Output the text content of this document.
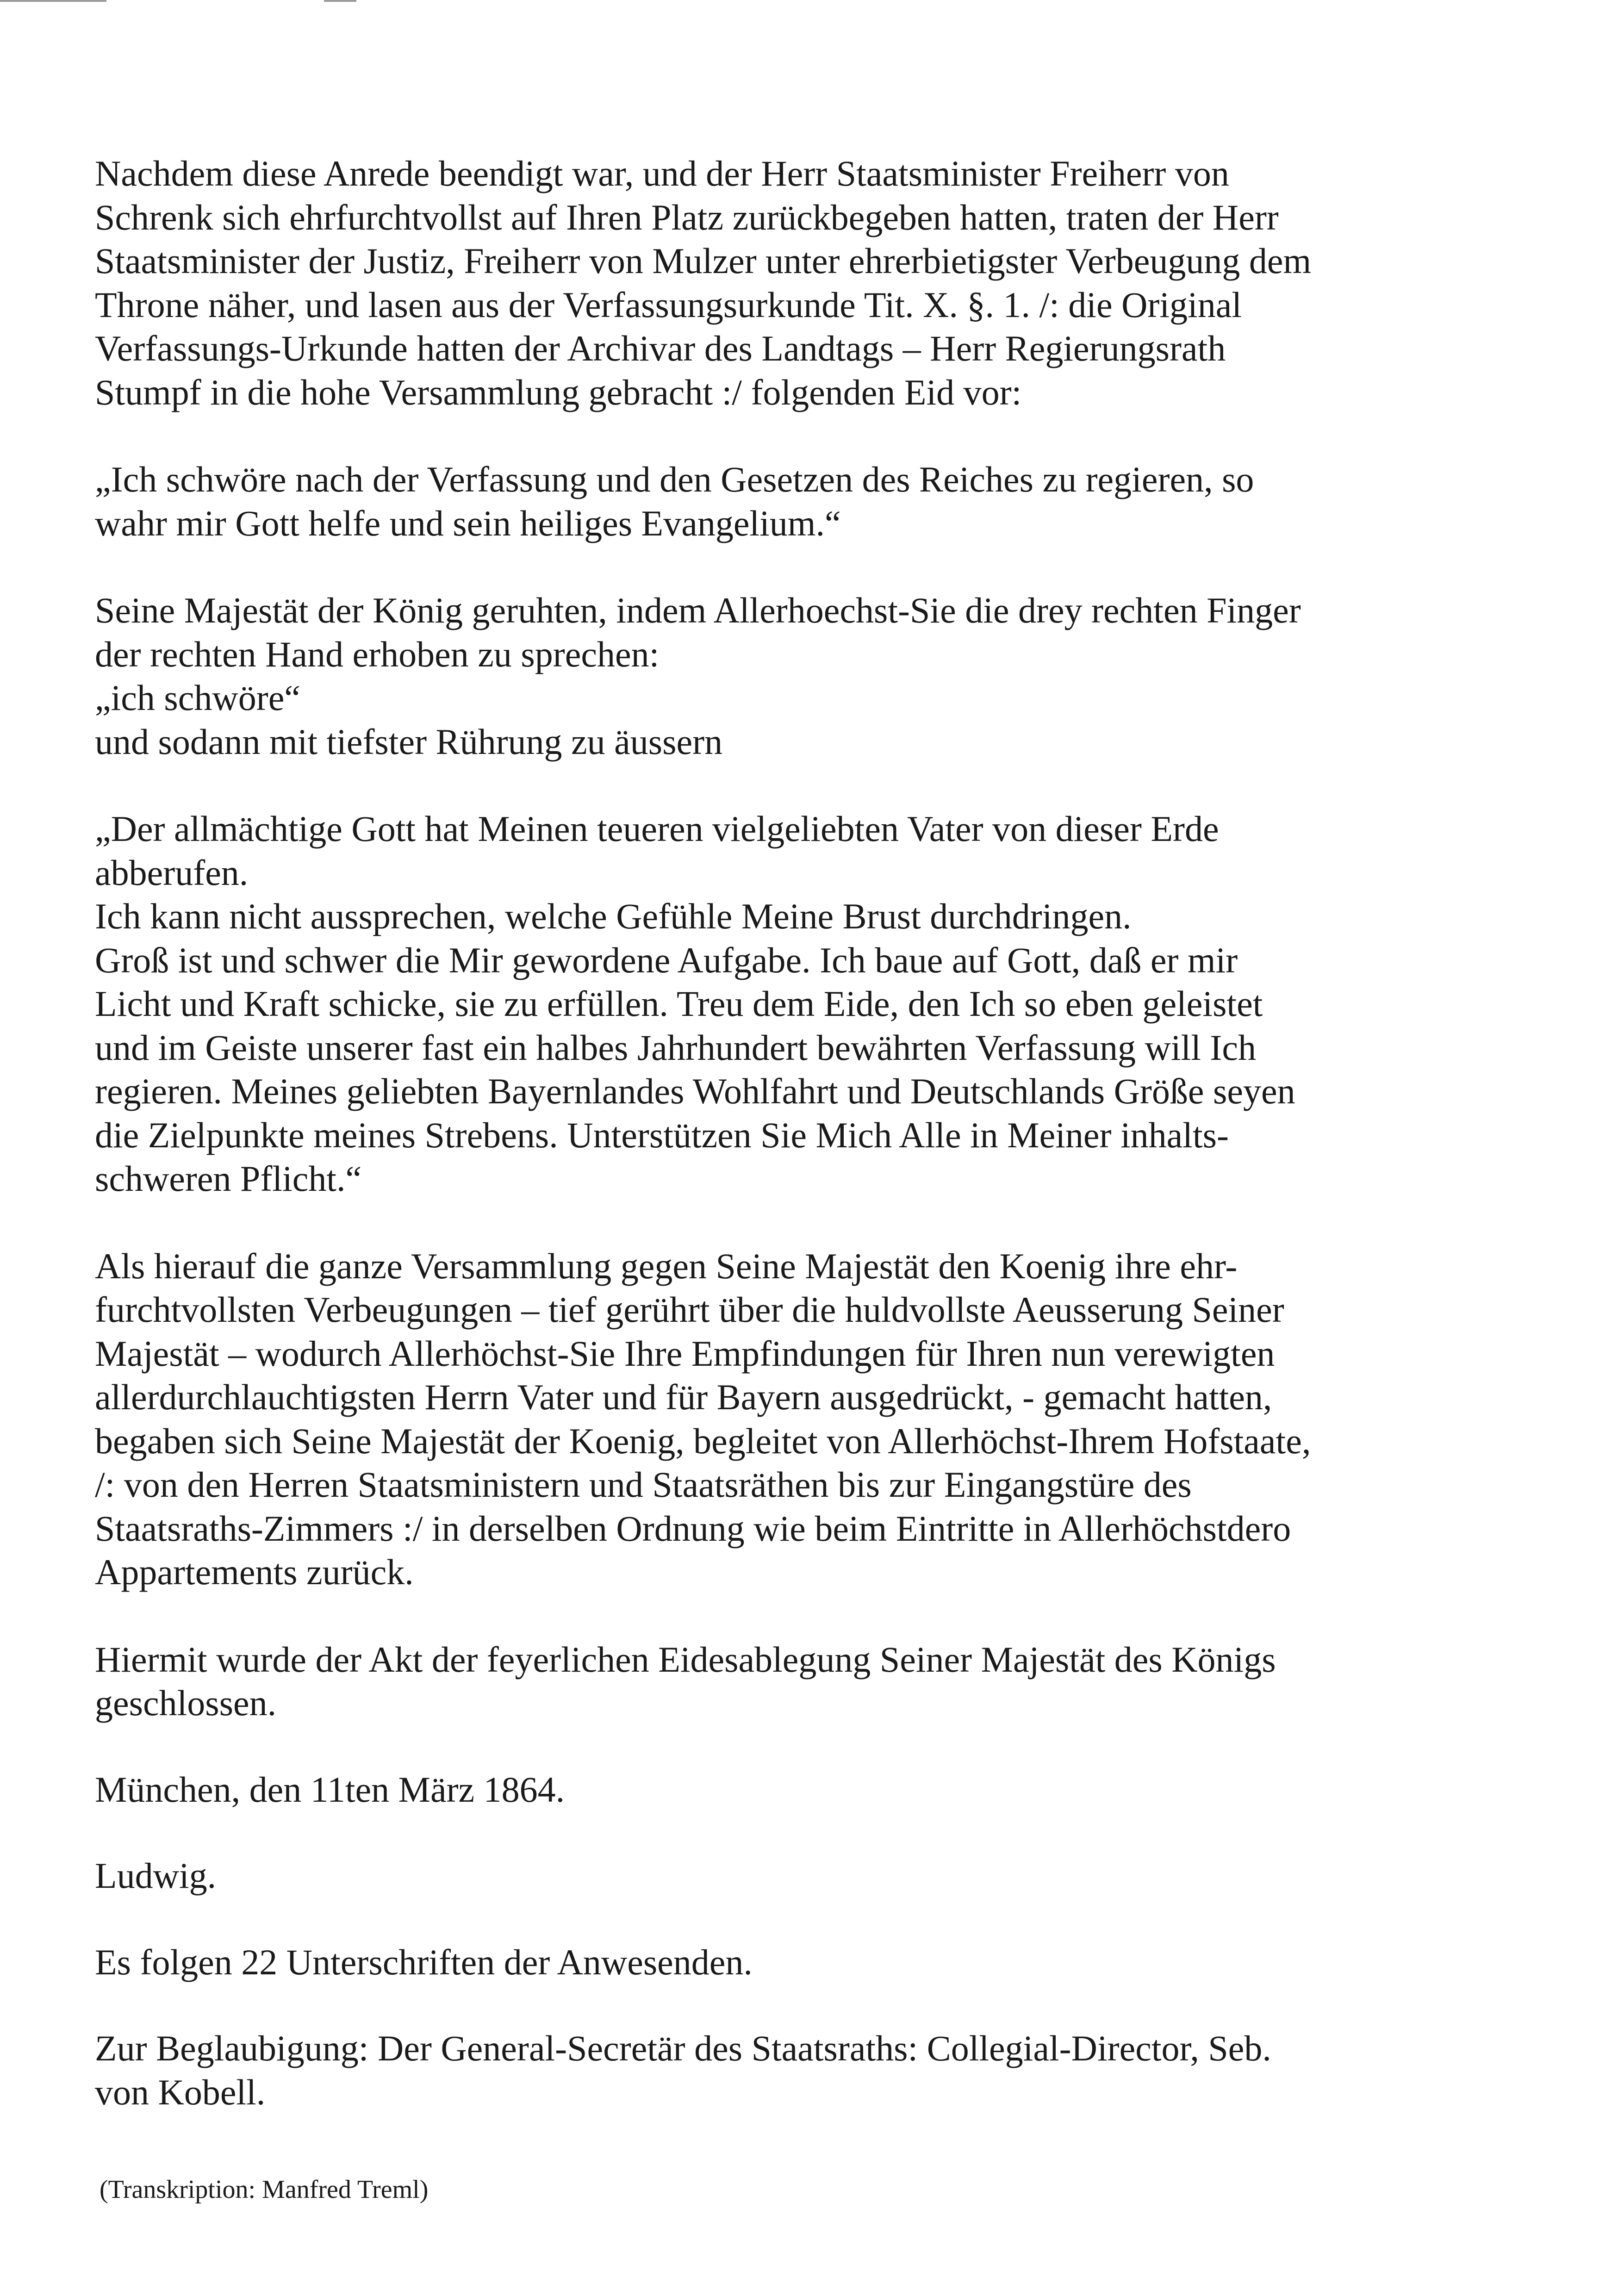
Nachdem diese Anrede beendigt war, und der Herr Staatsminister Freiherr von
Schrenk sich ehrfurchtvollst auf Ihren Platz zurückbegeben hatten, traten der Herr
Staatsminister der Justiz, Freiherr von Mulzer unter ehrerbietigster Verbeugung dem
Throne näher, und lasen aus der Verfassungsurkunde Tit. X. §. 1. /: die Original
Verfassungs-Urkunde hatten der Archivar des Landtags – Herr Regierungsrath
Stumpf in die hohe Versammlung gebracht :/ folgenden Eid vor:

„Ich schwöre nach der Verfassung und den Gesetzen des Reiches zu regieren, so
wahr mir Gott helfe und sein heiliges Evangelium.“

Seine Majestät der König geruhten, indem Allerhoechst-Sie die drey rechten Finger
der rechten Hand erhoben zu sprechen:
„ich schwöre“
und sodann mit tiefster Rührung zu äussern

„Der allmächtige Gott hat Meinen teueren vielgeliebten Vater von dieser Erde
abberufen.
Ich kann nicht aussprechen, welche Gefühle Meine Brust durchdringen.
Groß ist und schwer die Mir gewordene Aufgabe. Ich baue auf Gott, daß er mir
Licht und Kraft schicke, sie zu erfüllen. Treu dem Eide, den Ich so eben geleistet
und im Geiste unserer fast ein halbes Jahrhundert bewährten Verfassung will Ich
regieren. Meines geliebten Bayernlandes Wohlfahrt und Deutschlands Größe seyen
die Zielpunkte meines Strebens. Unterstützen Sie Mich Alle in Meiner inhalts-
schweren Pflicht.“

Als hierauf die ganze Versammlung gegen Seine Majestät den Koenig ihre ehr-
furchtvollsten Verbeugungen – tief gerührt über die huldvollste Aeusserung Seiner
Majestät – wodurch Allerhöchst-Sie Ihre Empfindungen für Ihren nun verewigten
allerdurchlauchtigsten Herrn Vater und für Bayern ausgedrückt, - gemacht hatten,
begaben sich Seine Majestät der Koenig, begleitet von Allerhöchst-Ihrem Hofstaate,
/: von den Herren Staatsministern und Staatsräthen bis zur Eingangstüre des
Staatsraths-Zimmers :/ in derselben Ordnung wie beim Eintritte in Allerhöchstdero
Appartements zurück.

Hiermit wurde der Akt der feyerlichen Eidesablegung Seiner Majestät des Königs
geschlossen.

München, den 11ten März 1864.

Ludwig.

Es folgen 22 Unterschriften der Anwesenden.

Zur Beglaubigung: Der General-Secretär des Staatsraths: Collegial-Director, Seb.
von Kobell.

(Transkription: Manfred Treml)
